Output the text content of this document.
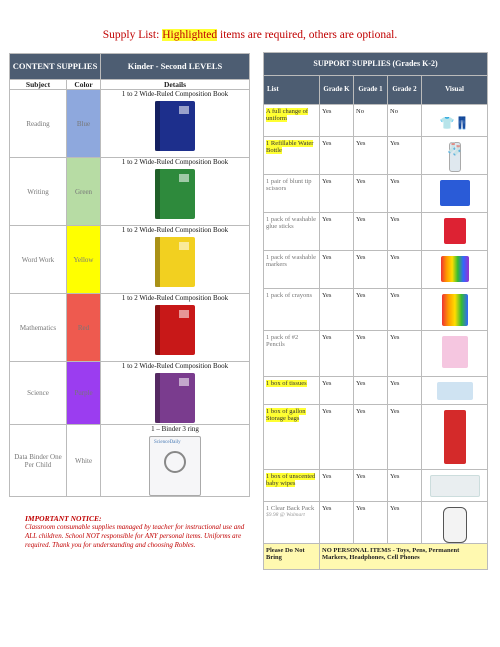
Supply List: Highlighted items are required, others are optional.
CONTENT SUPPLIES		Kinder - Second LEVELS
Subject	Color	Details
Reading	Blue	1 to 2 Wide-Ruled Composition Book

Writing	Green	1 to 2 Wide-Ruled Composition Book

Word Work	Yellow	1 to 2 Wide-Ruled Composition Book

Mathematics	Red	1 to 2 Wide-Ruled Composition Book

Science	Purple	1 to 2 Wide-Ruled Composition Book

Data Binder One Per Child	White	1 – Binder 3 ring
ScienceDaily
IMPORTANT NOTICE:
Classroom consumable supplies managed by teacher for instructional use and ALL children. School NOT responsible for ANY personal items. Uniforms are required. Thank you for understanding and choosing Robles.
SUPPORT SUPPLIES (Grades K-2)				
List	Grade K	Grade 1	Grade 2	Visual
A full change of uniform	Yes	No	No	👕👖🧦

1 Refillable Water Bottle	Yes	Yes	Yes	

1 pair of blunt tip scissors	Yes	Yes	Yes	

1 pack of washable glue sticks	Yes	Yes	Yes	

1 pack of washable markers	Yes	Yes	Yes	

1 pack of crayons	Yes	Yes	Yes	

1 pack of #2 Pencils	Yes	Yes	Yes	

1 box of tissues	Yes	Yes	Yes	

1 box of gallon Storage bags	Yes	Yes	Yes	

1 box of unscented baby wipes	Yes	Yes	Yes	

1 Clear Back Pack
$9.98 @ Walmart	Yes	Yes	Yes	

Please Do Not Bring	NO PERSONAL ITEMS - Toys, Pens, Permanent Markers, Headphones, Cell Phones			
